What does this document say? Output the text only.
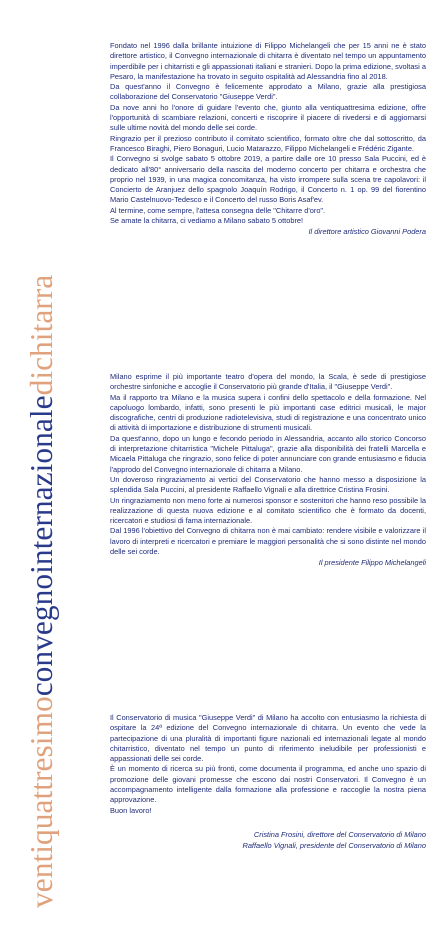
ventiquattresimoconvegnointernazionaledichitarra

Fondato nel 1996 dalla brillante intuizione di Filippo Michelangeli che per 15 anni ne è stato direttore artistico, il Convegno internazionale di chitarra è diventato nel tempo un appuntamento imperdibile per i chitarristi e gli appassionati italiani e stranieri. Dopo la prima edizione, svoltasi a Pesaro, la manifestazione ha trovato in seguito ospitalità ad Alessandria fino al 2018.

Da quest'anno il Convegno è felicemente approdato a Milano, grazie alla prestigiosa collaborazione del Conservatorio "Giuseppe Verdi".

Da nove anni ho l'onore di guidare l'evento che, giunto alla ventiquattresima edizione, offre l'opportunità di scambiare relazioni, concerti e riscoprire il piacere di rivedersi e di aggiornarsi sulle ultime novità del mondo delle sei corde.

Ringrazio per il prezioso contributo il comitato scientifico, formato oltre che dal sottoscritto, da Francesco Biraghi, Piero Bonaguri, Lucio Matarazzo, Filippo Michelangeli e Frédéric Zigante.

Il Convegno si svolge sabato 5 ottobre 2019, a partire dalle ore 10 presso Sala Puccini, ed è dedicato all'80° anniversario della nascita del moderno concerto per chitarra e orchestra che proprio nel 1939, in una magica concomitanza, ha visto irrompere sulla scena tre capolavori: il Concierto de Aranjuez dello spagnolo Joaquín Rodrigo, il Concerto n. 1 op. 99 del fiorentino Mario Castelnuovo-Tedesco e il Concerto del russo Boris Asaf'ev.

Al termine, come sempre, l'attesa consegna delle "Chitarre d'oro".

Se amate la chitarra, ci vediamo a Milano sabato 5 ottobre!

Il direttore artistico Giovanni Podera

Milano esprime il più importante teatro d'opera del mondo, la Scala, è sede di prestigiose orchestre sinfoniche e accoglie il Conservatorio più grande d'Italia, il "Giuseppe Verdi".

Ma il rapporto tra Milano e la musica supera i confini dello spettacolo e della formazione. Nel capoluogo lombardo, infatti, sono presenti le più importanti case editrici musicali, le major discografiche, centri di produzione radiotelevisiva, studi di registrazione e una concentrato unico di attività di importazione e distribuzione di strumenti musicali.

Da quest'anno, dopo un lungo e fecondo periodo in Alessandria, accanto allo storico Concorso di interpretazione chitarristica "Michele Pittaluga", grazie alla disponibilità dei fratelli Marcella e Micaela Pittaluga che ringrazio, sono felice di poter annunciare con grande entusiasmo e fiducia l'approdo del Convegno internazionale di chitarra a Milano.

Un doveroso ringraziamento ai vertici del Conservatorio che hanno messo a disposizione la splendida Sala Puccini, al presidente Raffaello Vignali e alla direttrice Cristina Frosini.

Un ringraziamento non meno forte ai numerosi sponsor e sostenitori che hanno reso possibile la realizzazione di questa nuova edizione e al comitato scientifico che è formato da docenti, ricercatori e studiosi di fama internazionale.

Dal 1996 l'obiettivo del Convegno di chitarra non è mai cambiato: rendere visibile e valorizzare il lavoro di interpreti e ricercatori e premiare le maggiori personalità che si sono distinte nel mondo delle sei corde.

Il presidente Filippo Michelangeli

Il Conservatorio di musica "Giuseppe Verdi" di Milano ha accolto con entusiasmo la richiesta di ospitare la 24ª edizione del Convegno internazionale di chitarra. Un evento che vede la partecipazione di una pluralità di importanti figure nazionali ed internazionali legate al mondo chitarristico, diventato nel tempo un punto di riferimento ineludibile per professionisti e appassionati delle sei corde.

È un momento di ricerca su più fronti, come documenta il programma, ed anche uno spazio di promozione delle giovani promesse che escono dai nostri Conservatori. Il Convegno è un accompagnamento intelligente dalla formazione alla professione e raccoglie la nostra piena approvazione.

Buon lavoro!

Cristina Frosini, direttore del Conservatorio di Milano

Raffaello Vignali, presidente del Conservatorio di Milano
